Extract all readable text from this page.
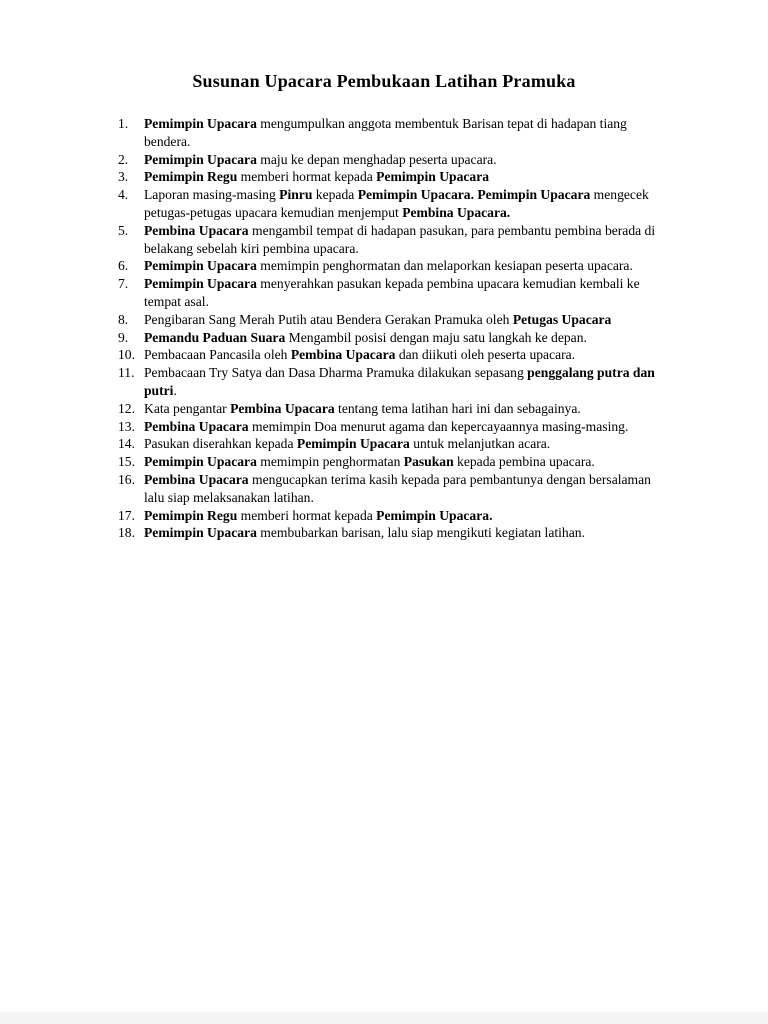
Susunan Upacara Pembukaan Latihan Pramuka
1.	Pemimpin Upacara mengumpulkan anggota membentuk Barisan tepat di hadapan tiang bendera.
2.	Pemimpin Upacara maju ke depan menghadap peserta upacara.
3.	Pemimpin Regu memberi hormat kepada Pemimpin Upacara
4.	Laporan masing-masing Pinru kepada Pemimpin Upacara. Pemimpin Upacara mengecek petugas-petugas upacara kemudian menjemput Pembina Upacara.
5.	Pembina Upacara mengambil tempat di hadapan pasukan, para pembantu pembina berada di belakang sebelah kiri pembina upacara.
6.	Pemimpin Upacara memimpin penghormatan dan melaporkan kesiapan peserta upacara.
7.	Pemimpin Upacara menyerahkan pasukan kepada pembina upacara kemudian kembali ke tempat asal.
8.	Pengibaran Sang Merah Putih atau Bendera Gerakan Pramuka oleh Petugas Upacara
9.	Pemandu Paduan Suara Mengambil posisi dengan maju satu langkah ke depan.
10. Pembacaan Pancasila oleh Pembina Upacara dan diikuti oleh peserta upacara.
11. Pembacaan Try Satya dan Dasa Dharma Pramuka dilakukan sepasang penggalang putra dan putri.
12. Kata pengantar Pembina Upacara tentang tema latihan hari ini dan sebagainya.
13. Pembina Upacara memimpin Doa menurut agama dan kepercayaannya masing-masing.
14. Pasukan diserahkan kepada Pemimpin Upacara untuk melanjutkan acara.
15. Pemimpin Upacara memimpin penghormatan Pasukan kepada pembina upacara.
16. Pembina Upacara mengucapkan terima kasih kepada para pembantunya dengan bersalaman lalu siap melaksanakan latihan.
17. Pemimpin Regu memberi hormat kepada Pemimpin Upacara.
18. Pemimpin Upacara membubarkan barisan, lalu siap mengikuti kegiatan latihan.
